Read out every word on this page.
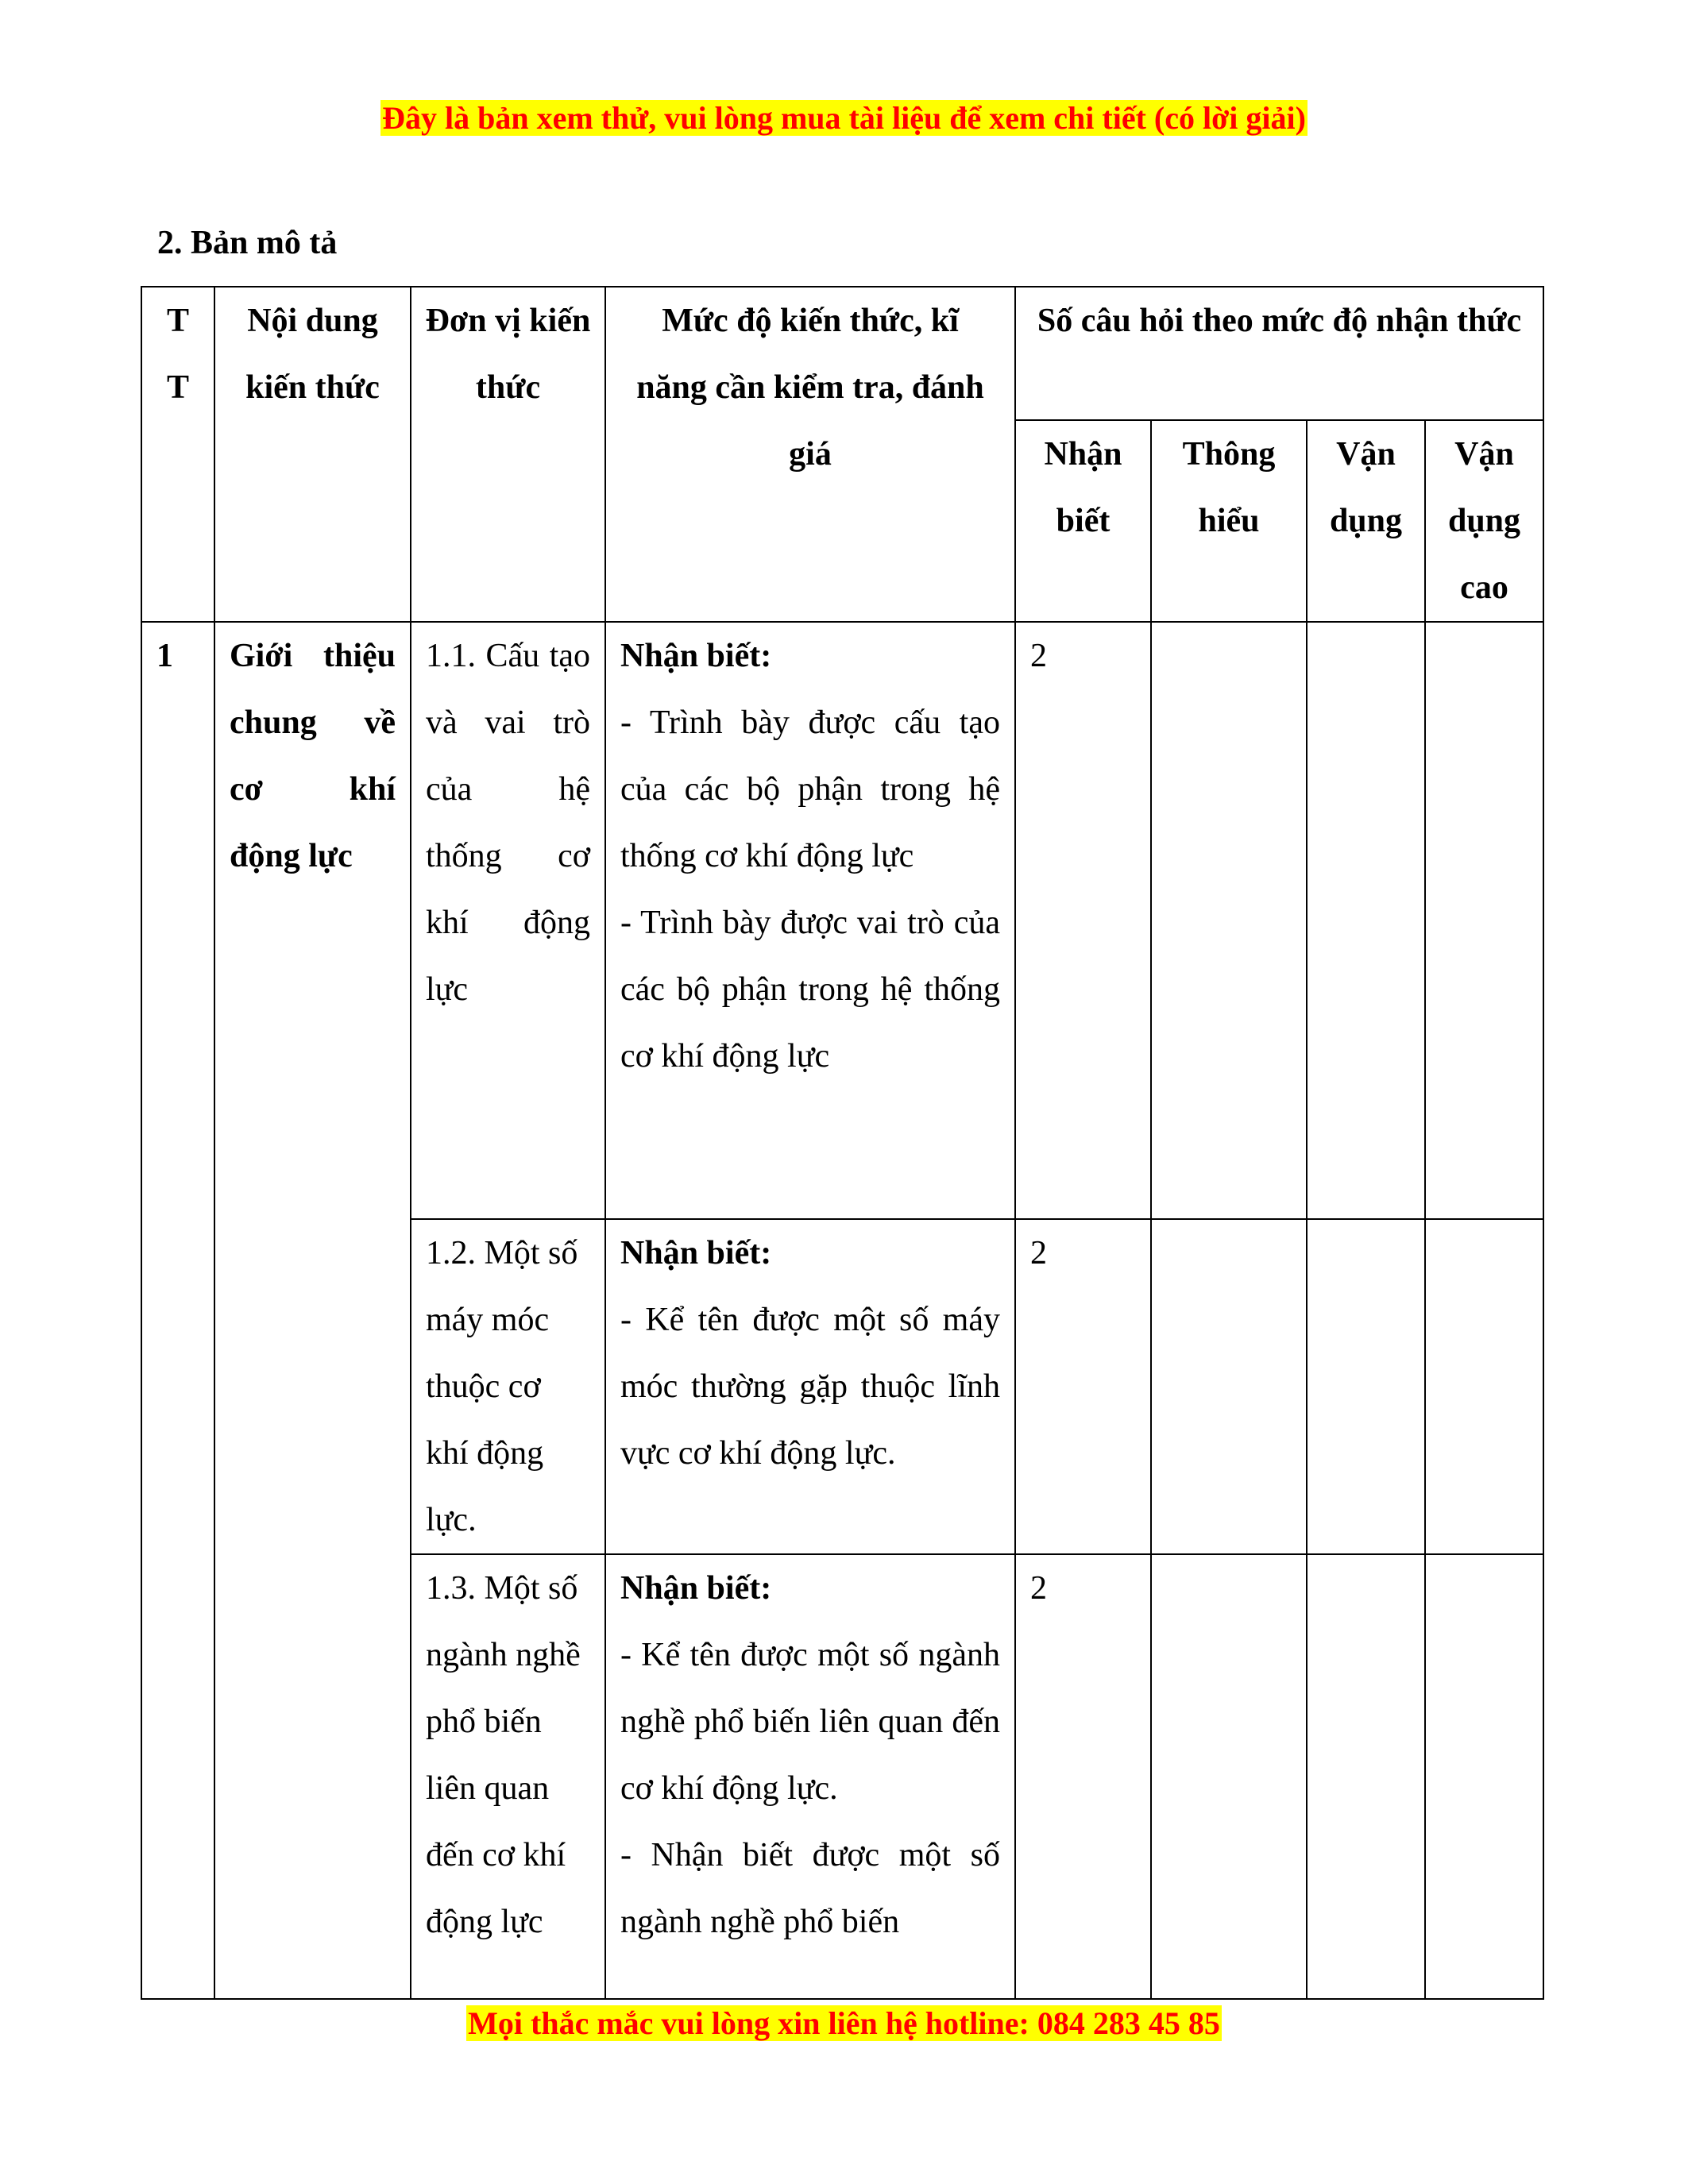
Đây là bản xem thử, vui lòng mua tài liệu để xem chi tiết (có lời giải)
2. Bản mô tả
T T	Nội dung kiến thức	Đơn vị kiến thức	Mức độ kiến thức, kĩ năng cần kiểm tra, đánh giá	Số câu hỏi theo mức độ nhận thức			
				Nhận biết	Thông hiểu	Vận dụng	Vận dụng cao
1	Giới thiệu chung về cơ khí động lực	1.1. Cấu tạo và vai trò của hệ thống cơ khí động lực	Nhận biết:
- Trình bày được cấu tạo của các bộ phận trong hệ thống cơ khí động lực
- Trình bày được vai trò của các bộ phận trong hệ thống cơ khí động lực	2			
		1.2. Một số máy móc thuộc cơ khí động lực.	Nhận biết:
- Kể tên được một số máy móc thường gặp thuộc lĩnh vực cơ khí động lực.	2			

		1.3. Một số ngành nghề phổ biến liên quan đến cơ khí động lực	Nhận biết:
- Kể tên được một số ngành nghề phổ biến liên quan đến cơ khí động lực.
- Nhận biết được một số ngành nghề phổ biến	2			
Mọi thắc mắc vui lòng xin liên hệ hotline: 084 283 45 85
